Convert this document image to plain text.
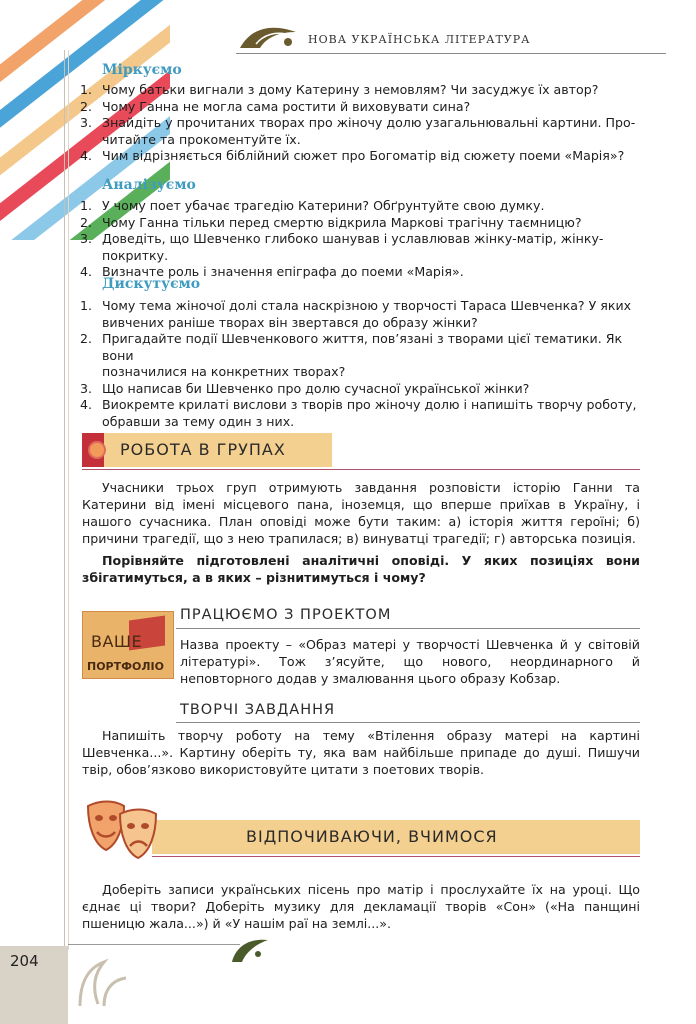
НОВА УКРАЇНСЬКА ЛІТЕРАТУРА
Міркуємо
1. Чому батьки вигнали з дому Катерину з немовлям? Чи засуджує їх автор?
2. Чому Ганна не могла сама ростити й виховувати сина?
3. Знайдіть у прочитаних творах про жіночу долю узагальнювальні картини. Про-
читайте та прокоментуйте їх.
4. Чим відрізняється біблійний сюжет про Богоматір від сюжету поеми «Марія»?
Аналізуємо
1. У чому поет убачає трагедію Катерини? Обґрунтуйте свою думку.
2. Чому Ганна тільки перед смертю відкрила Маркові трагічну таємницю?
3. Доведіть, що Шевченко глибоко шанував і уславлював жінку-матір, жінку-покритку.
4. Визначте роль і значення епіграфа до поеми «Марія».
Дискутуємо
1. Чому тема жіночої долі стала наскрізною у творчості Тараса Шевченка? У яких
вивчених раніше творах він звертався до образу жінки?
2. Пригадайте події Шевченкового життя, пов’язані з творами цієї тематики. Як вони
позначилися на конкретних творах?
3. Що написав би Шевченко про долю сучасної української жінки?
4. Виокремте крилаті вислови з творів про жіночу долю і напишіть творчу роботу,
обравши за тему один з них.
РОБОТА В ГРУПАХ

Учасники трьох груп отримують завдання розповісти історію Ганни та Катерини від імені місцевого пана, іноземця, що вперше приїхав в Україну, і нашого сучасника. План оповіді може бути таким: а) історія життя героїні; б) причини трагедії, що з нею трапилася; в) винуватці трагедії; г) авторська позиція.

Порівняйте підготовлені аналітичні оповіді. У яких позиціях вони збігатимуться, а в яких – різнитимуться і чому?

ВАШЕ
ПОРТФОЛІО
ПРАЦЮЄМО З ПРОЕКТОМ

Назва проекту – «Образ матері у творчості Шевченка й у світовій літературі». Тож з’ясуйте, що нового, неординарного й неповторного додав у змалювання цього образу Кобзар.

ТВОРЧІ ЗАВДАННЯ

Напишіть творчу роботу на тему «Втілення образу матері на картині Шевченка...». Картину оберіть ту, яка вам найбільше припаде до душі. Пишучи твір, обов’язково використовуйте цитати з поетових творів.

ВІДПОЧИВАЮЧИ, ВЧИМОСЯ

Доберіть записи українських пісень про матір і прослухайте їх на уроці. Що єднає ці твори? Доберіть музику для декламації творів «Сон» («На панщині пшеницю жала...») й «У нашім раї на землі...».

204
